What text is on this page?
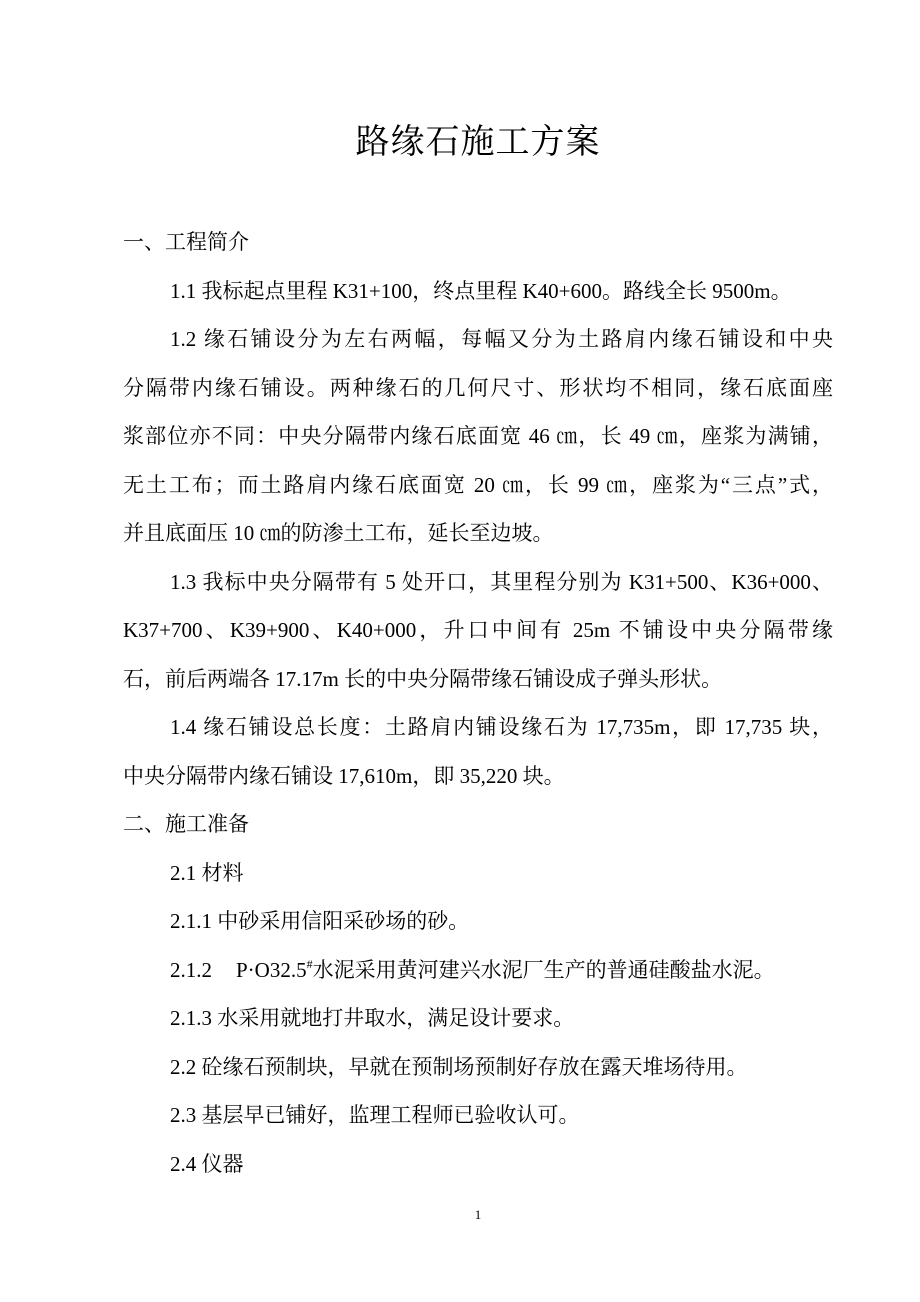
路缘石施工方案
一、工程简介
1.1 我标起点里程 K31+100，终点里程 K40+600。路线全长 9500m。
1.2 缘石铺设分为左右两幅，每幅又分为土路肩内缘石铺设和中央
分隔带内缘石铺设。两种缘石的几何尺寸、形状均不相同，缘石底面座
浆部位亦不同：中央分隔带内缘石底面宽 46 ㎝，长 49 ㎝，座浆为满铺，
无土工布；而土路肩内缘石底面宽 20 ㎝，长 99 ㎝，座浆为“三点”式，
并且底面压 10 ㎝的防渗土工布，延长至边坡。
1.3 我标中央分隔带有 5 处开口，其里程分别为 K31+500、K36+000、
K37+700、K39+900、K40+000，升口中间有 25m 不铺设中央分隔带缘
石，前后两端各 17.17m 长的中央分隔带缘石铺设成子弹头形状。
1.4 缘石铺设总长度：土路肩内铺设缘石为 17,735m，即 17,735 块，
中央分隔带内缘石铺设 17,610m，即 35,220 块。
二、施工准备
2.1 材料
2.1.1 中砂采用信阳采砂场的砂。
2.1.2 P·O32.5#水泥采用黄河建兴水泥厂生产的普通硅酸盐水泥。
2.1.3 水采用就地打井取水，满足设计要求。
2.2 砼缘石预制块，早就在预制场预制好存放在露天堆场待用。
2.3 基层早已铺好，监理工程师已验收认可。
2.4 仪器
1
